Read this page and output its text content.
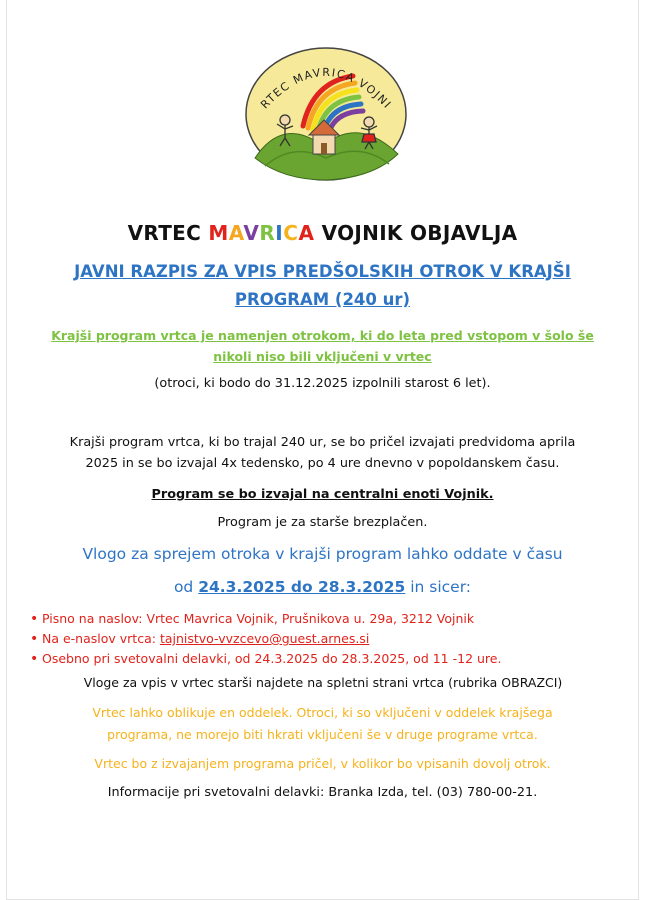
RTEC MAVRICA VOJNI
VRTEC MAVRICA VOJNIK OBJAVLJA
JAVNI RAZPIS ZA VPIS PREDŠOLSKIH OTROK V KRAJŠI
PROGRAM (240 ur)
Krajši program vrtca je namenjen otrokom, ki do leta pred vstopom v šolo še
nikoli niso bili vključeni v vrtec
(otroci, ki bodo do 31.12.2025 izpolnili starost 6 let).
Krajši program vrtca, ki bo trajal 240 ur, se bo pričel izvajati predvidoma aprila
2025 in se bo izvajal 4x tedensko, po 4 ure dnevno v popoldanskem času.
Program se bo izvajal na centralni enoti Vojnik.
Program je za starše brezplačen.
Vlogo za sprejem otroka v krajši program lahko oddate v času
od 24.3.2025 do 28.3.2025 in sicer:
• Pisno na naslov: Vrtec Mavrica Vojnik, Prušnikova u. 29a, 3212 Vojnik
• Na e-naslov vrtca: tajnistvo-vvzcevo@guest.arnes.si
• Osebno pri svetovalni delavki, od 24.3.2025 do 28.3.2025, od 11 -12 ure.
Vloge za vpis v vrtec starši najdete na spletni strani vrtca (rubrika OBRAZCI)
Vrtec lahko oblikuje en oddelek. Otroci, ki so vključeni v oddelek krajšega
programa, ne morejo biti hkrati vključeni še v druge programe vrtca.
Vrtec bo z izvajanjem programa pričel, v kolikor bo vpisanih dovolj otrok.
Informacije pri svetovalni delavki: Branka Izda, tel. (03) 780-00-21.
